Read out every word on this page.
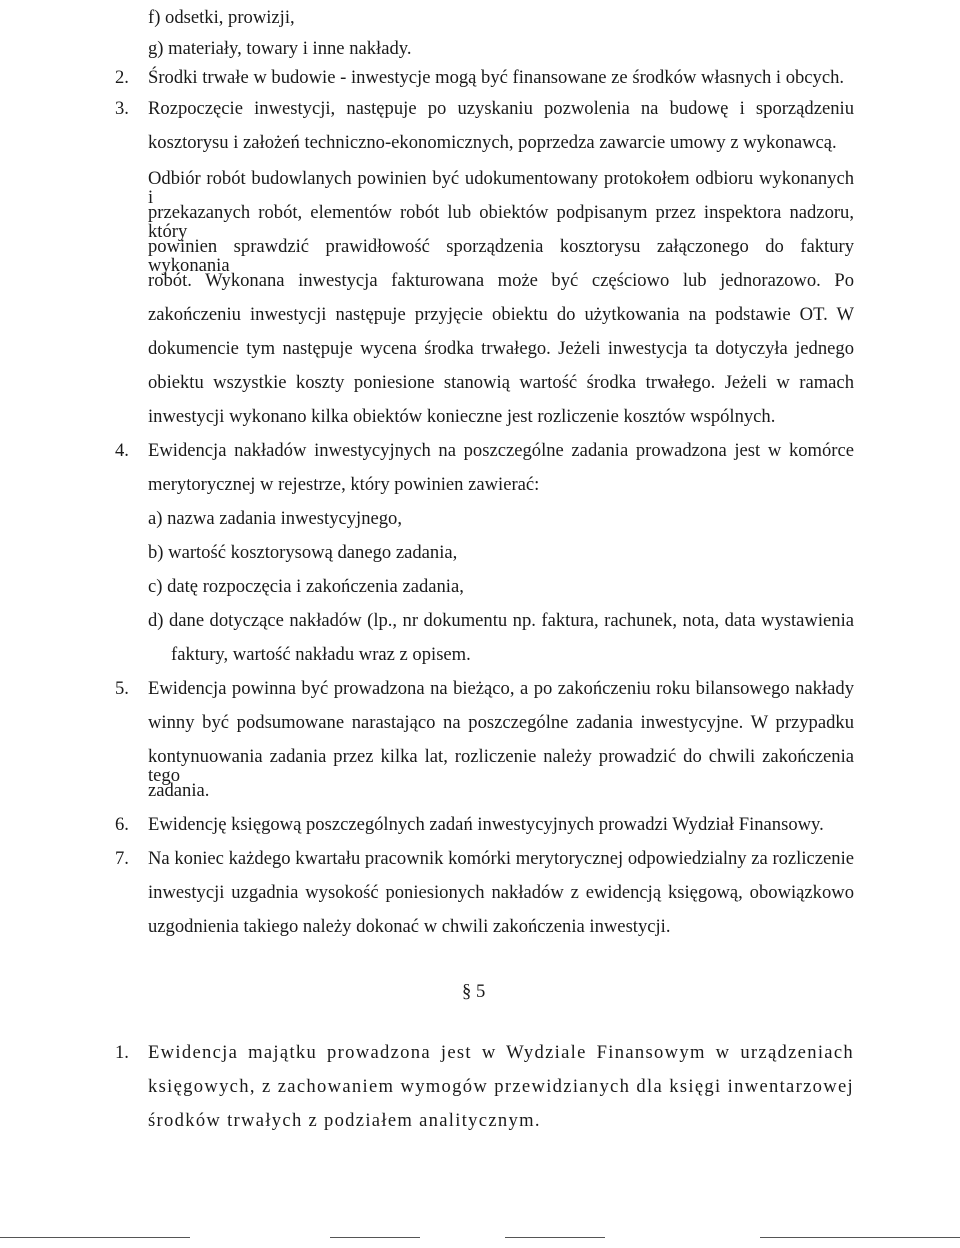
f) odsetki, prowizji,
g) materiały, towary i inne nakłady.
2. Środki trwałe w budowie - inwestycje mogą być finansowane ze środków własnych i obcych.
3. Rozpoczęcie inwestycji, następuje po uzyskaniu pozwolenia na budowę i sporządzeniu
kosztorysu i założeń techniczno-ekonomicznych, poprzedza zawarcie umowy z wykonawcą.
Odbiór robót budowlanych powinien być udokumentowany protokołem odbioru wykonanych i
przekazanych robót, elementów robót lub obiektów podpisanym przez inspektora nadzoru, który
powinien sprawdzić prawidłowość sporządzenia kosztorysu załączonego do faktury wykonania
robót. Wykonana inwestycja fakturowana może być częściowo lub jednorazowo. Po
zakończeniu inwestycji następuje przyjęcie obiektu do użytkowania na podstawie OT. W
dokumencie tym następuje wycena środka trwałego. Jeżeli inwestycja ta dotyczyła jednego
obiektu wszystkie koszty poniesione stanowią wartość środka trwałego. Jeżeli w ramach
inwestycji wykonano kilka obiektów konieczne jest rozliczenie kosztów wspólnych.
4. Ewidencja nakładów inwestycyjnych na poszczególne zadania prowadzona jest w komórce
merytorycznej w rejestrze, który powinien zawierać:
a) nazwa zadania inwestycyjnego,
b) wartość kosztorysową danego zadania,
c) datę rozpoczęcia i zakończenia zadania,
d) dane dotyczące nakładów (lp., nr dokumentu np. faktura, rachunek, nota, data wystawienia
faktury, wartość nakładu wraz z opisem.
5. Ewidencja powinna być prowadzona na bieżąco, a po zakończeniu roku bilansowego nakłady
winny być podsumowane narastająco na poszczególne zadania inwestycyjne. W przypadku
kontynuowania zadania przez kilka lat, rozliczenie należy prowadzić do chwili zakończenia tego
zadania.
6. Ewidencję księgową poszczególnych zadań inwestycyjnych prowadzi Wydział Finansowy.
7. Na koniec każdego kwartału pracownik komórki merytorycznej odpowiedzialny za rozliczenie
inwestycji uzgadnia wysokość poniesionych nakładów z ewidencją księgową, obowiązkowo
uzgodnienia takiego należy dokonać w chwili zakończenia inwestycji.
§ 5
1. Ewidencja majątku prowadzona jest w Wydziale Finansowym w urządzeniach
księgowych, z zachowaniem wymogów przewidzianych dla księgi inwentarzowej
środków trwałych z podziałem analitycznym.
